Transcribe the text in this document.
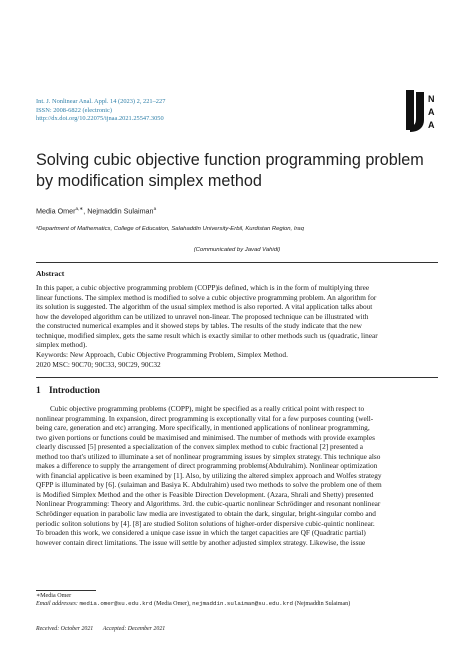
Int. J. Nonlinear Anal. Appl. 14 (2023) 2, 221–227
ISSN: 2008-6822 (electronic)
http://dx.doi.org/10.22075/ijnaa.2021.25547.3050
N
A
A
Solving cubic objective function programming problem by modification simplex method
Media Omer$^{a,∗}$, Nejmaddin Sulaiman$^a$
ᵃDepartment of Mathematics, College of Education, Salahaddin University-Erbil, Kurdistan Region, Iraq
(Communicated by Javad Vahidi)
Abstract
In this paper, a cubic objective programming problem (COPP)is defined, which is in the form of multiplying three
linear functions. The simplex method is modified to solve a cubic objective programming problem. An algorithm for
its solution is suggested. The algorithm of the usual simplex method is also reported. A vital application talks about
how the developed algorithm can be utilized to unravel non-linear. The proposed technique can be illustrated with
the constructed numerical examples and it showed steps by tables. The results of the study indicate that the new
technique, modified simplex, gets the same result which is exactly similar to other methods such us (quadratic, linear
simplex method).
Keywords: New Approach, Cubic Objective Programming Problem, Simplex Method.
2020 MSC: 90C70; 90C33, 90C29, 90C32
1 Introduction
Cubic objective programming problems (COPP), might be specified as a really critical point with respect to
nonlinear programming. In expansion, direct programming is exceptionally vital for a few purposes counting (well-
being care, generation and etc) arranging. More specifically, in mentioned applications of nonlinear programming,
two given portions or functions could be maximised and minimised. The number of methods with provide examples
clearly discussed [5] presented a specialization of the convex simplex method to cubic fractional [2] presented a
method too that's utilized to illuminate a set of nonlinear programming issues by simplex strategy. This technique also
makes a difference to supply the arrangement of direct programming problems(Abdulrahim). Nonlinear optimization
with financial applicative is been examined by [1]. Also, by utilizing the altered simplex approach and Wolfes strategy
QFPP is illuminated by [6]. (sulaiman and Basiya K. Abdulrahim) used two methods to solve the problem one of them
is Modified Simplex Method and the other is Feasible Direction Development. (Azara, Shrali and Shetty) presented
Nonlinear Programming: Theory and Algorithms. 3rd. the cubic-quartic nonlinear Schrödinger and resonant nonlinear
Schrödinger equation in parabolic law media are investigated to obtain the dark, singular, bright-singular combo and
periodic soliton solutions by [4]. [8] are studied Soliton solutions of higher-order dispersive cubic-quintic nonlinear.
To broaden this work, we considered a unique case issue in which the target capacities are QF (Quadratic partial)
however contain direct limitations. The issue will settle by another adjusted simplex strategy. Likewise, the issue
∗Media Omer
Email addresses: media.omer@su.edu.krd (Media Omer), nejmaddin.sulaiman@su.edu.krd (Nejmaddin Sulaiman)
Received: October 2021 Accepted: December 2021
